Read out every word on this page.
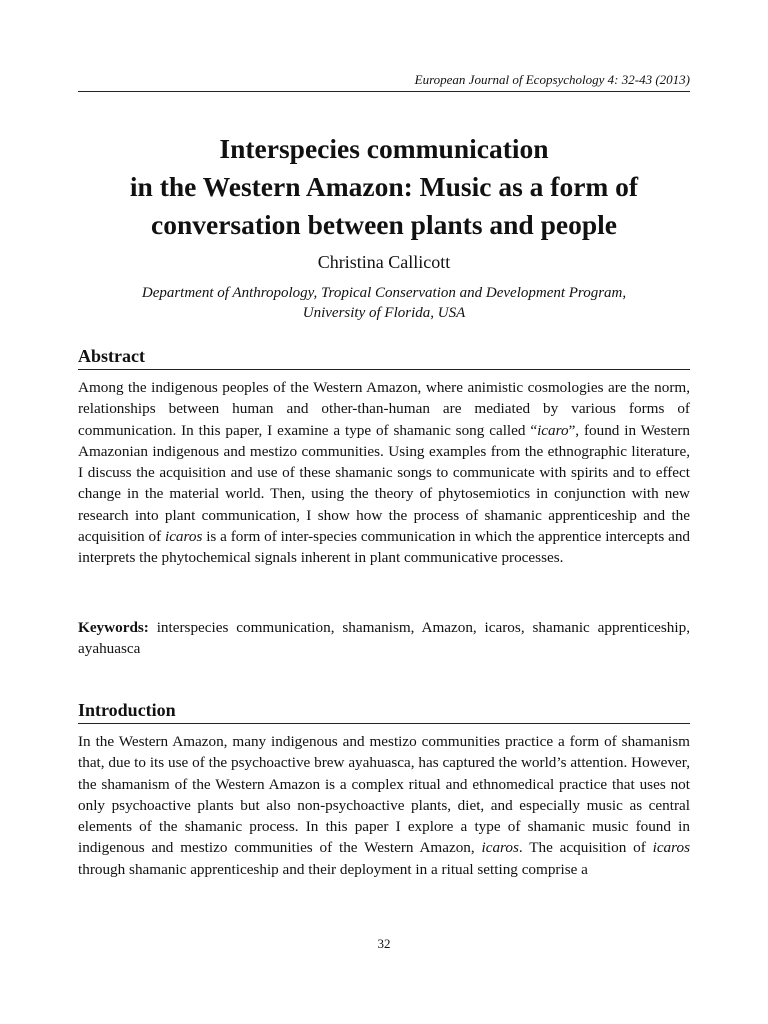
European Journal of Ecopsychology 4: 32-43 (2013)
Interspecies communication
in the Western Amazon: Music as a form of
conversation between plants and people
Christina Callicott
Department of Anthropology, Tropical Conservation and Development Program,
University of Florida, USA
Abstract

Among the indigenous peoples of the Western Amazon, where animistic cosmologies are the norm, relationships between human and other-than-human are mediated by various forms of communication. In this paper, I examine a type of shamanic song called “icaro”, found in Western Amazonian indigenous and mestizo communities. Using examples from the ethnographic literature, I discuss the acquisition and use of these shamanic songs to communicate with spirits and to effect change in the material world. Then, using the theory of phytosemiotics in conjunction with new research into plant communication, I show how the process of shamanic apprenticeship and the acquisition of icaros is a form of inter-species communication in which the apprentice intercepts and interprets the phytochemical signals inherent in plant communicative processes.

Keywords: interspecies communication, shamanism, Amazon, icaros, shamanic apprenticeship, ayahuasca

Introduction

In the Western Amazon, many indigenous and mestizo communities practice a form of shamanism that, due to its use of the psychoactive brew ayahuasca, has captured the world’s attention. However, the shamanism of the Western Amazon is a complex ritual and ethnomedical practice that uses not only psychoactive plants but also non-psychoactive plants, diet, and especially music as central elements of the shamanic process. In this paper I explore a type of shamanic music found in indigenous and mestizo communities of the Western Amazon, icaros. The acquisition of icaros through shamanic apprenticeship and their deployment in a ritual setting comprise a

32
